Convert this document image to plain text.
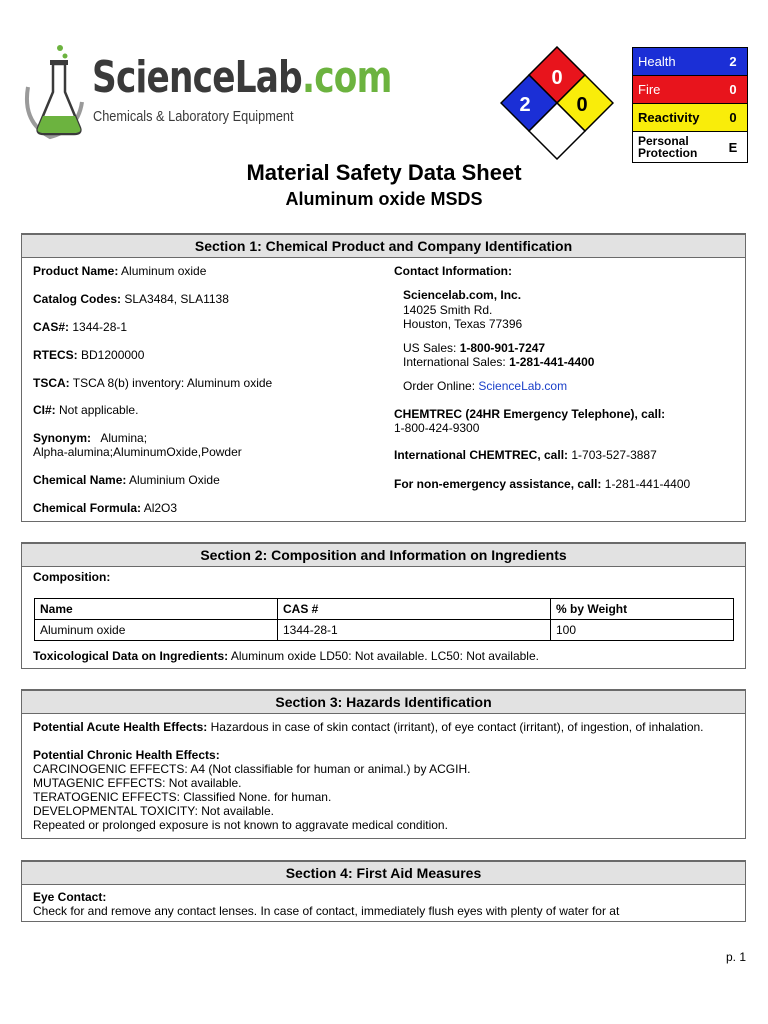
ScienceLab.com
Chemicals & Laboratory Equipment
0
2 0
Health	2
Fire	0
Reactivity	0
Personal
Protection	E
Material Safety Data Sheet
Aluminum oxide MSDS
Section 1: Chemical Product and Company Identification
Product Name: Aluminum oxide
Catalog Codes: SLA3484, SLA1138
CAS#: 1344-28-1
RTECS: BD1200000
TSCA: TSCA 8(b) inventory: Aluminum oxide
CI#: Not applicable.
Synonym: Alumina;
Alpha-alumina;AluminumOxide,Powder
Chemical Name: Aluminium Oxide
Chemical Formula: Al2O3
Contact Information:
Sciencelab.com, Inc.
14025 Smith Rd.
Houston, Texas 77396
US Sales: 1-800-901-7247
International Sales: 1-281-441-4400
Order Online: ScienceLab.com
CHEMTREC (24HR Emergency Telephone), call:
1-800-424-9300
International CHEMTREC, call: 1-703-527-3887
For non-emergency assistance, call: 1-281-441-4400
Section 2: Composition and Information on Ingredients
Composition:
Name	CAS #	% by Weight
Aluminum oxide	1344-28-1	100
Toxicological Data on Ingredients: Aluminum oxide LD50: Not available. LC50: Not available.
Section 3: Hazards Identification
Potential Acute Health Effects: Hazardous in case of skin contact (irritant), of eye contact (irritant), of ingestion, of inhalation.
Potential Chronic Health Effects:
CARCINOGENIC EFFECTS: A4 (Not classifiable for human or animal.) by ACGIH.
MUTAGENIC EFFECTS: Not available.
TERATOGENIC EFFECTS: Classified None. for human.
DEVELOPMENTAL TOXICITY: Not available.
Repeated or prolonged exposure is not known to aggravate medical condition.
Section 4: First Aid Measures
Eye Contact:
Check for and remove any contact lenses. In case of contact, immediately flush eyes with plenty of water for at
p. 1
